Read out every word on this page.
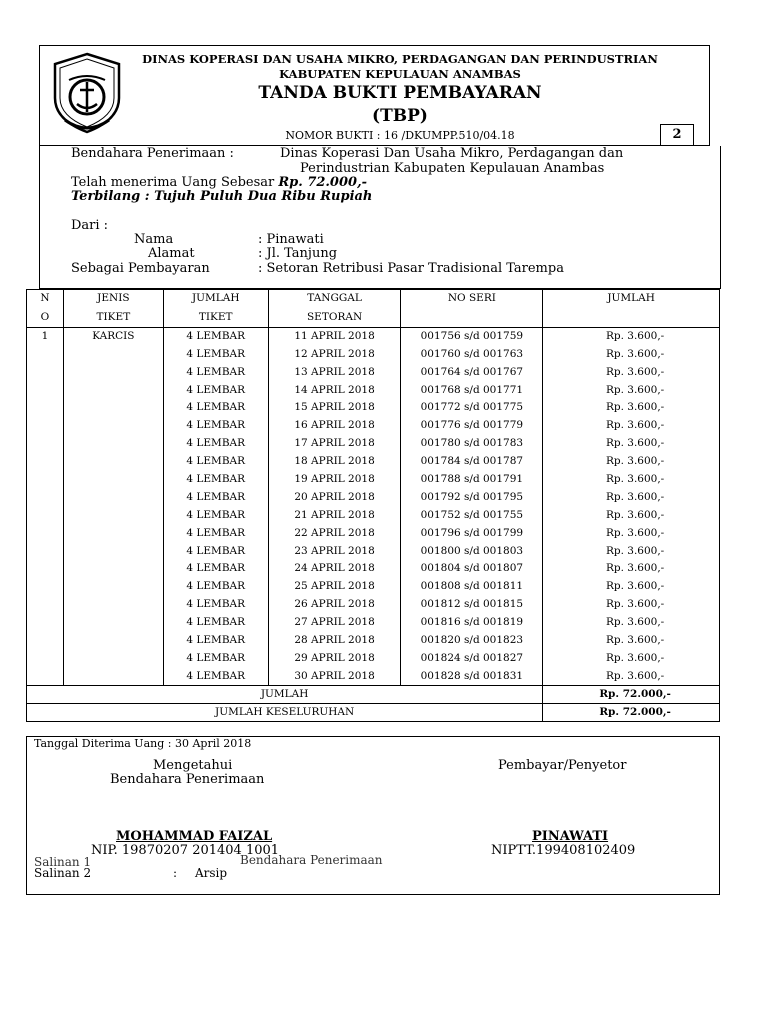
DINAS KOPERASI DAN USAHA MIKRO, PERDAGANGAN DAN PERINDUSTRIAN
KABUPATEN KEPULAUAN ANAMBAS
TANDA BUKTI PEMBAYARAN
(TBP)
NOMOR BUKTI : 16 /DKUMPP.510/04.18	2
Bendahara Penerimaan :	Dinas Koperasi Dan Usaha Mikro, Perdagangan dan
Perindustrian Kabupaten Kepulauan Anambas
Telah menerima Uang Sebesar Rp. 72.000,-
Terbilang : Tujuh Puluh Dua Ribu Rupiah
Dari :
Nama	: Pinawati
Alamat	: Jl. Tanjung
Sebagai Pembayaran	: Setoran Retribusi Pasar Tradisional Tarempa
N	JENIS	JUMLAH	TANGGAL	NO SERI	JUMLAH
O	TIKET	TIKET	SETORAN		
1	KARCIS	4 LEMBAR	11 APRIL 2018	001756 s/d 001759	Rp. 3.600,-
		4 LEMBAR	12 APRIL 2018	001760 s/d 001763	Rp. 3.600,-
		4 LEMBAR	13 APRIL 2018	001764 s/d 001767	Rp. 3.600,-
		4 LEMBAR	14 APRIL 2018	001768 s/d 001771	Rp. 3.600,-
		4 LEMBAR	15 APRIL 2018	001772 s/d 001775	Rp. 3.600,-
		4 LEMBAR	16 APRIL 2018	001776 s/d 001779	Rp. 3.600,-
		4 LEMBAR	17 APRIL 2018	001780 s/d 001783	Rp. 3.600,-
		4 LEMBAR	18 APRIL 2018	001784 s/d 001787	Rp. 3.600,-
		4 LEMBAR	19 APRIL 2018	001788 s/d 001791	Rp. 3.600,-
		4 LEMBAR	20 APRIL 2018	001792 s/d 001795	Rp. 3.600,-
		4 LEMBAR	21 APRIL 2018	001752 s/d 001755	Rp. 3.600,-
		4 LEMBAR	22 APRIL 2018	001796 s/d 001799	Rp. 3.600,-
		4 LEMBAR	23 APRIL 2018	001800 s/d 001803	Rp. 3.600,-
		4 LEMBAR	24 APRIL 2018	001804 s/d 001807	Rp. 3.600,-
		4 LEMBAR	25 APRIL 2018	001808 s/d 001811	Rp. 3.600,-
		4 LEMBAR	26 APRIL 2018	001812 s/d 001815	Rp. 3.600,-
		4 LEMBAR	27 APRIL 2018	001816 s/d 001819	Rp. 3.600,-
		4 LEMBAR	28 APRIL 2018	001820 s/d 001823	Rp. 3.600,-
		4 LEMBAR	29 APRIL 2018	001824 s/d 001827	Rp. 3.600,-
		4 LEMBAR	30 APRIL 2018	001828 s/d 001831	Rp. 3.600,-
JUMLAH					Rp. 72.000,-
JUMLAH KESELURUHAN					Rp. 72.000,-
Tanggal Diterima Uang : 30 April 2018
Mengetahui
Bendahara Penerimaan
Pembayar/Penyetor
MOHAMMAD FAIZAL	PINAWATI
NIP. 19870207 201404 1001	NIPTT.199408102409
Salinan 1	Bendahara Penerimaan
Salinan 2	: Arsip
